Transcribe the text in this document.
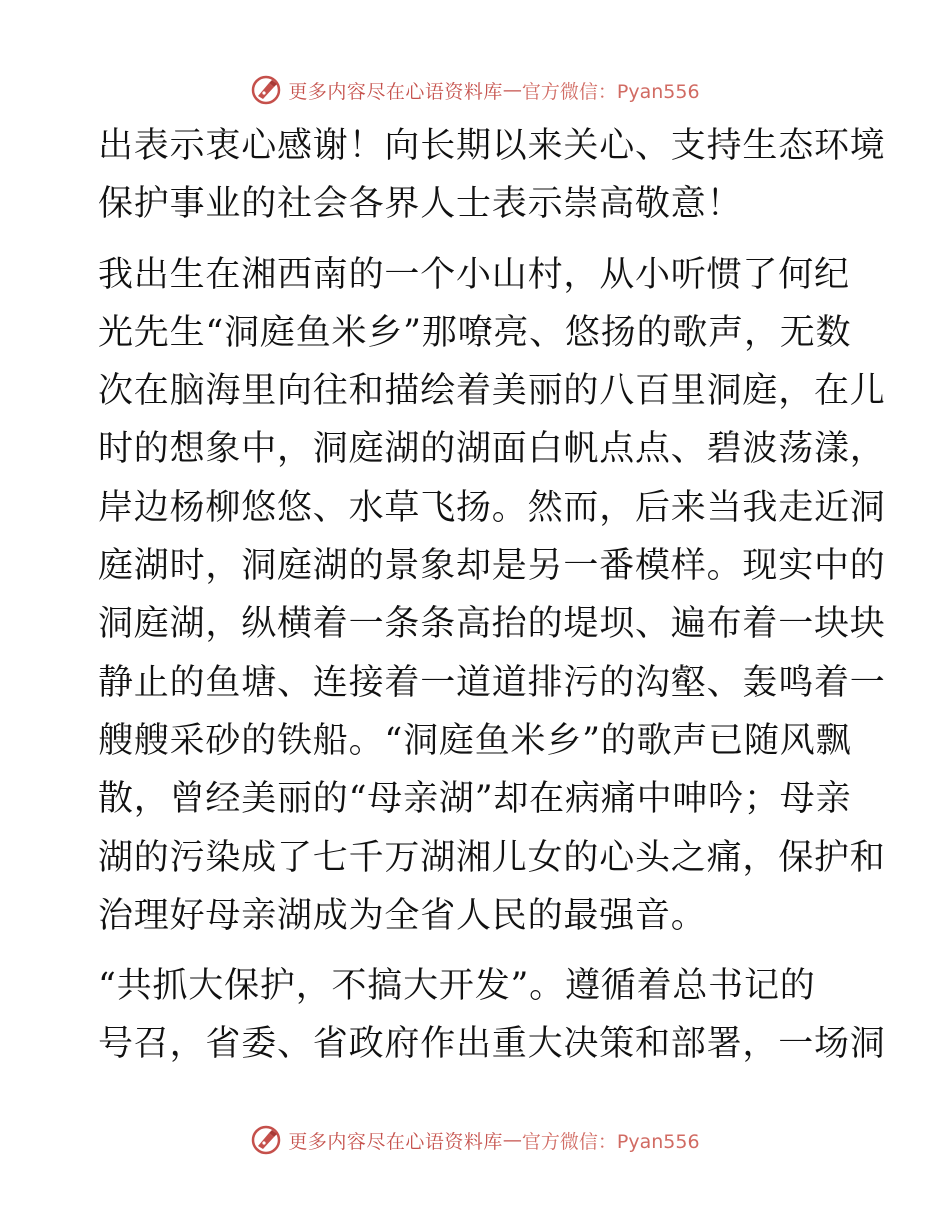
更多内容尽在心语资料库 — 官方微信：Pyan556

出表示衷心感谢！向长期以来关心、支持生态环境
保护事业的社会各界人士表示崇高敬意！

我出生在湘西南的一个小山村，从小听惯了何纪
光先生“洞庭鱼米乡”那嘹亮、悠扬的歌声，无数
次在脑海里向往和描绘着美丽的八百里洞庭，在儿
时的想象中，洞庭湖的湖面白帆点点、碧波荡漾，
岸边杨柳悠悠、水草飞扬。然而，后来当我走近洞
庭湖时，洞庭湖的景象却是另一番模样。现实中的
洞庭湖，纵横着一条条高抬的堤坝、遍布着一块块
静止的鱼塘、连接着一道道排污的沟壑、轰鸣着一
艘艘采砂的铁船。“洞庭鱼米乡”的歌声已随风飘
散，曾经美丽的“母亲湖”却在病痛中呻吟；母亲
湖的污染成了七千万湖湘儿女的心头之痛，保护和
治理好母亲湖成为全省人民的最强音。

“共抓大保护，不搞大开发”。遵循着总书记的
号召，省委、省政府作出重大决策和部署，一场洞

更多内容尽在心语资料库 — 官方微信：Pyan556
